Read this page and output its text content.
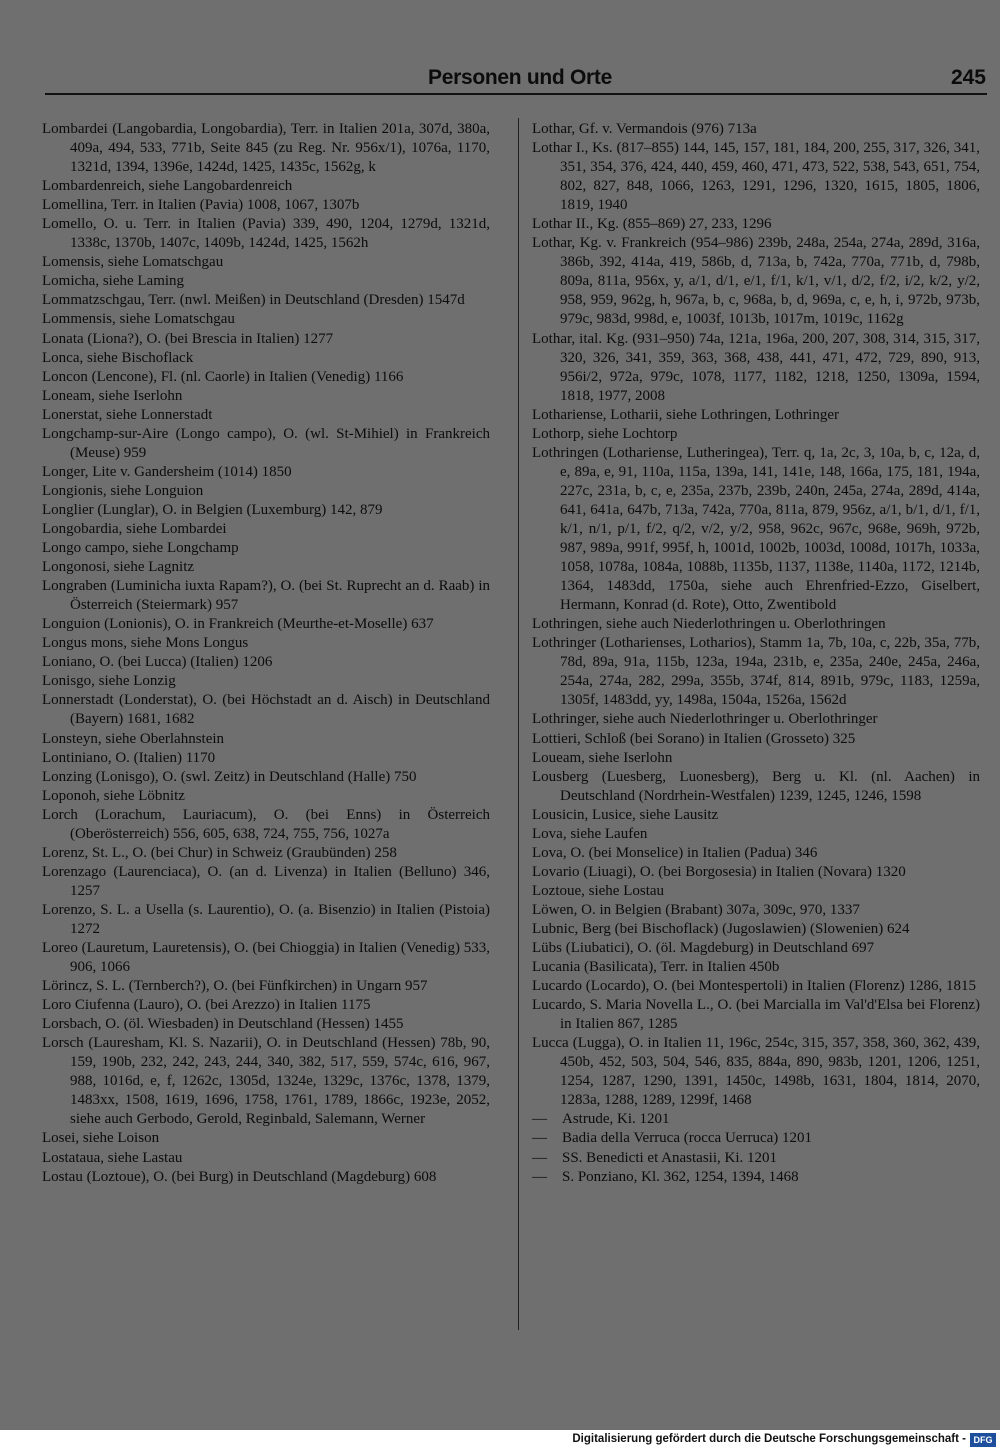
Personen und Orte	245
Lombardei (Langobardia, Longobardia), Terr. in Italien 201a, 307d, 380a, 409a, 494, 533, 771b, Seite 845 (zu Reg. Nr. 956x/1), 1076a, 1170, 1321d, 1394, 1396e, 1424d, 1425, 1435c, 1562g, k
Lombardenreich, siehe Langobardenreich
Lomellina, Terr. in Italien (Pavia) 1008, 1067, 1307b
Lomello, O. u. Terr. in Italien (Pavia) 339, 490, 1204, 1279d, 1321d, 1338c, 1370b, 1407c, 1409b, 1424d, 1425, 1562h
Lomensis, siehe Lomatschgau
Lomicha, siehe Laming
Lommatzschgau, Terr. (nwl. Meißen) in Deutschland (Dresden) 1547d
Lommensis, siehe Lomatschgau
Lonata (Liona?), O. (bei Brescia in Italien) 1277
Lonca, siehe Bischoflack
Loncon (Lencone), Fl. (nl. Caorle) in Italien (Venedig) 1166
Loneam, siehe Iserlohn
Lonerstat, siehe Lonnerstadt
Longchamp-sur-Aire (Longo campo), O. (wl. St-Mihiel) in Frankreich (Meuse) 959
Longer, Lite v. Gandersheim (1014) 1850
Longionis, siehe Longuion
Longlier (Lunglar), O. in Belgien (Luxemburg) 142, 879
Longobardia, siehe Lombardei
Longo campo, siehe Longchamp
Longonosi, siehe Lagnitz
Longraben (Luminicha iuxta Rapam?), O. (bei St. Ruprecht an d. Raab) in Österreich (Steiermark) 957
Longuion (Lonionis), O. in Frankreich (Meurthe-et-Moselle) 637
Longus mons, siehe Mons Longus
Loniano, O. (bei Lucca) (Italien) 1206
Lonisgo, siehe Lonzig
Lonnerstadt (Londerstat), O. (bei Höchstadt an d. Aisch) in Deutschland (Bayern) 1681, 1682
Lonsteyn, siehe Oberlahnstein
Lontiniano, O. (Italien) 1170
Lonzing (Lonisgo), O. (swl. Zeitz) in Deutschland (Halle) 750
Loponoh, siehe Löbnitz
Lorch (Lorachum, Lauriacum), O. (bei Enns) in Österreich (Oberösterreich) 556, 605, 638, 724, 755, 756, 1027a
Lorenz, St. L., O. (bei Chur) in Schweiz (Graubünden) 258
Lorenzago (Laurenciaca), O. (an d. Livenza) in Italien (Belluno) 346, 1257
Lorenzo, S. L. a Usella (s. Laurentio), O. (a. Bisenzio) in Italien (Pistoia) 1272
Loreo (Lauretum, Lauretensis), O. (bei Chioggia) in Italien (Venedig) 533, 906, 1066
Lörincz, S. L. (Ternberch?), O. (bei Fünfkirchen) in Ungarn 957
Loro Ciufenna (Lauro), O. (bei Arezzo) in Italien 1175
Lorsbach, O. (öl. Wiesbaden) in Deutschland (Hessen) 1455
Lorsch (Lauresham, Kl. S. Nazarii), O. in Deutschland (Hessen) 78b, 90, 159, 190b, 232, 242, 243, 244, 340, 382, 517, 559, 574c, 616, 967, 988, 1016d, e, f, 1262c, 1305d, 1324e, 1329c, 1376c, 1378, 1379, 1483xx, 1508, 1619, 1696, 1758, 1761, 1789, 1866c, 1923e, 2052, siehe auch Gerbodo, Gerold, Reginbald, Salemann, Werner
Losei, siehe Loison
Lostataua, siehe Lastau
Lostau (Loztoue), O. (bei Burg) in Deutschland (Magdeburg) 608
Lothar, Gf. v. Vermandois (976) 713a
Lothar I., Ks. (817–855) 144, 145, 157, 181, 184, 200, 255, 317, 326, 341, 351, 354, 376, 424, 440, 459, 460, 471, 473, 522, 538, 543, 651, 754, 802, 827, 848, 1066, 1263, 1291, 1296, 1320, 1615, 1805, 1806, 1819, 1940
Lothar II., Kg. (855–869) 27, 233, 1296
Lothar, Kg. v. Frankreich (954–986) 239b, 248a, 254a, 274a, 289d, 316a, 386b, 392, 414a, 419, 586b, d, 713a, b, 742a, 770a, 771b, d, 798b, 809a, 811a, 956x, y, a/1, d/1, e/1, f/1, k/1, v/1, d/2, f/2, i/2, k/2, y/2, 958, 959, 962g, h, 967a, b, c, 968a, b, d, 969a, c, e, h, i, 972b, 973b, 979c, 983d, 998d, e, 1003f, 1013b, 1017m, 1019c, 1162g
Lothar, ital. Kg. (931–950) 74a, 121a, 196a, 200, 207, 308, 314, 315, 317, 320, 326, 341, 359, 363, 368, 438, 441, 471, 472, 729, 890, 913, 956i/2, 972a, 979c, 1078, 1177, 1182, 1218, 1250, 1309a, 1594, 1818, 1977, 2008
Lothariense, Lotharii, siehe Lothringen, Lothringer
Lothorp, siehe Lochtorp
Lothringen (Lothariense, Lutheringea), Terr. q, 1a, 2c, 3, 10a, b, c, 12a, d, e, 89a, e, 91, 110a, 115a, 139a, 141, 141e, 148, 166a, 175, 181, 194a, 227c, 231a, b, c, e, 235a, 237b, 239b, 240n, 245a, 274a, 289d, 414a, 641, 641a, 647b, 713a, 742a, 770a, 811a, 879, 956z, a/1, b/1, d/1, f/1, k/1, n/1, p/1, f/2, q/2, v/2, y/2, 958, 962c, 967c, 968e, 969h, 972b, 987, 989a, 991f, 995f, h, 1001d, 1002b, 1003d, 1008d, 1017h, 1033a, 1058, 1078a, 1084a, 1088b, 1135b, 1137, 1138e, 1140a, 1172, 1214b, 1364, 1483dd, 1750a, siehe auch Ehrenfried-Ezzo, Giselbert, Hermann, Konrad (d. Rote), Otto, Zwentibold
Lothringen, siehe auch Niederlothringen u. Oberlothringen
Lothringer (Lotharienses, Lotharios), Stamm 1a, 7b, 10a, c, 22b, 35a, 77b, 78d, 89a, 91a, 115b, 123a, 194a, 231b, e, 235a, 240e, 245a, 246a, 254a, 274a, 282, 299a, 355b, 374f, 814, 891b, 979c, 1183, 1259a, 1305f, 1483dd, yy, 1498a, 1504a, 1526a, 1562d
Lothringer, siehe auch Niederlothringer u. Oberlothringer
Lottieri, Schloß (bei Sorano) in Italien (Grosseto) 325
Loueam, siehe Iserlohn
Lousberg (Luesberg, Luonesberg), Berg u. Kl. (nl. Aachen) in Deutschland (Nordrhein-Westfalen) 1239, 1245, 1246, 1598
Lousicin, Lusice, siehe Lausitz
Lova, siehe Laufen
Lova, O. (bei Monselice) in Italien (Padua) 346
Lovario (Liuagi), O. (bei Borgosesia) in Italien (Novara) 1320
Loztoue, siehe Lostau
Löwen, O. in Belgien (Brabant) 307a, 309c, 970, 1337
Lubnic, Berg (bei Bischoflack) (Jugoslawien) (Slowenien) 624
Lübs (Liubatici), O. (öl. Magdeburg) in Deutschland 697
Lucania (Basilicata), Terr. in Italien 450b
Lucardo (Locardo), O. (bei Montespertoli) in Italien (Florenz) 1286, 1815
Lucardo, S. Maria Novella L., O. (bei Marcialla im Val'd'Elsa bei Florenz) in Italien 867, 1285
Lucca (Lugga), O. in Italien 11, 196c, 254c, 315, 357, 358, 360, 362, 439, 450b, 452, 503, 504, 546, 835, 884a, 890, 983b, 1201, 1206, 1251, 1254, 1287, 1290, 1391, 1450c, 1498b, 1631, 1804, 1814, 2070, 1283a, 1288, 1289, 1299f, 1468
— Astrude, Ki. 1201
— Badia della Verruca (rocca Uerruca) 1201
— SS. Benedicti et Anastasii, Ki. 1201
— S. Ponziano, Kl. 362, 1254, 1394, 1468
Digitalisierung gefördert durch die Deutsche Forschungsgemeinschaft - DFG
